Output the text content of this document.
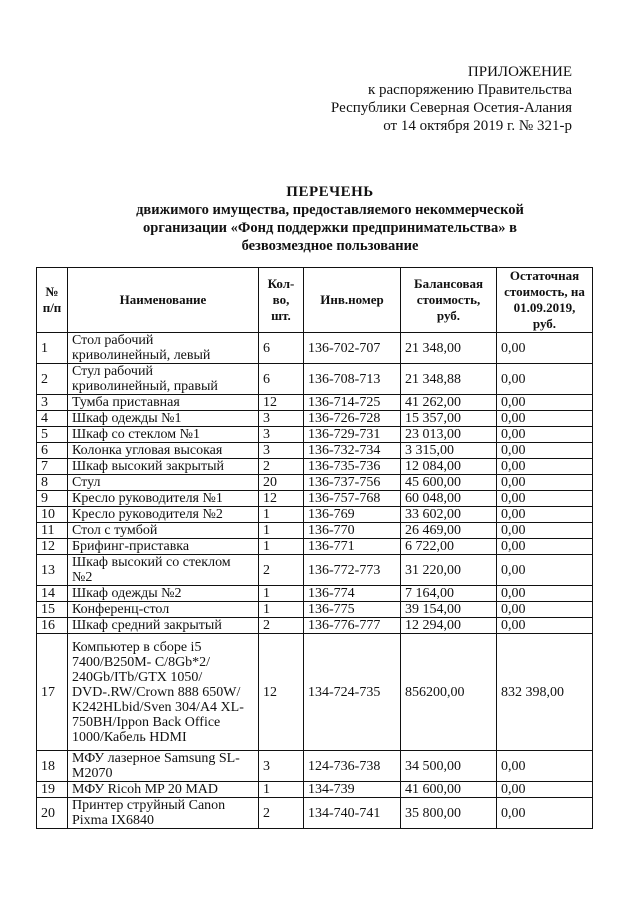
ПРИЛОЖЕНИЕ
к распоряжению Правительства
Республики Северная Осетия-Алания
от 14 октября 2019 г. № 321-р
ПЕРЕЧЕНЬ
движимого имущества, предоставляемого некоммерческой
организации «Фонд поддержки предпринимательства» в
безвозмездное пользование
№ п/п	Наименование	Кол-во, шт.	Инв.номер	Балансовая стоимость, руб.	Остаточная стоимость, на 01.09.2019, руб.
1	Стол рабочий криволинейный, левый	6	136-702-707	21 348,00	0,00
2	Стул рабочий криволинейный, правый	6	136-708-713	21 348,88	0,00
3	Тумба приставная	12	136-714-725	41 262,00	0,00
4	Шкаф одежды №1	3	136-726-728	15 357,00	0,00
5	Шкаф со стеклом №1	3	136-729-731	23 013,00	0,00
6	Колонка угловая высокая	3	136-732-734	3 315,00	0,00
7	Шкаф высокий закрытый	2	136-735-736	12 084,00	0,00
8	Стул	20	136-737-756	45 600,00	0,00
9	Кресло руководителя №1	12	136-757-768	60 048,00	0,00
10	Кресло руководителя №2	1	136-769	33 602,00	0,00
11	Стол с тумбой	1	136-770	26 469,00	0,00
12	Брифинг-приставка	1	136-771	6 722,00	0,00
13	Шкаф высокий со стеклом №2	2	136-772-773	31 220,00	0,00
14	Шкаф одежды №2	1	136-774	7 164,00	0,00
15	Конференц-стол	1	136-775	39 154,00	0,00
16	Шкаф средний закрытый	2	136-776-777	12 294,00	0,00
17	Компьютер в сборе i5 7400/B250M- C/8Gb*2/ 240Gb/ITb/GTX 1050/ DVD-.RW/Crown 888 650W/ K242HLbid/Sven 304/A4 XL-750BH/Ippon Back Office 1000/Кабель HDMI	12	134-724-735	856200,00	832 398,00
18	МФУ лазерное Samsung SL-M2070	3	124-736-738	34 500,00	0,00
19	МФУ Ricoh MP 20 MAD	1	134-739	41 600,00	0,00
20	Принтер струйный Canon Pixma IX6840	2	134-740-741	35 800,00	0,00
